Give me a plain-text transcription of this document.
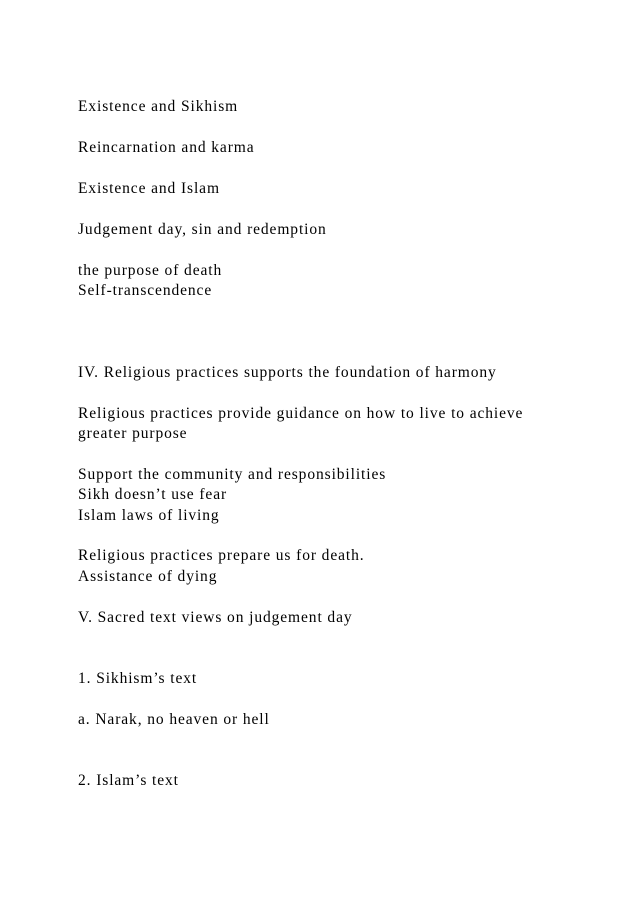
Existence and Sikhism
Reincarnation and karma
Existence and Islam
Judgement day, sin and redemption
the purpose of death
Self-transcendence
IV. Religious practices supports the foundation of harmony
Religious practices provide guidance on how to live to achieve
greater purpose
Support the community and responsibilities
Sikh doesn’t use fear
Islam laws of living
Religious practices prepare us for death.
Assistance of dying
V. Sacred text views on judgement day
1. Sikhism’s text
a. Narak, no heaven or hell
2. Islam’s text
